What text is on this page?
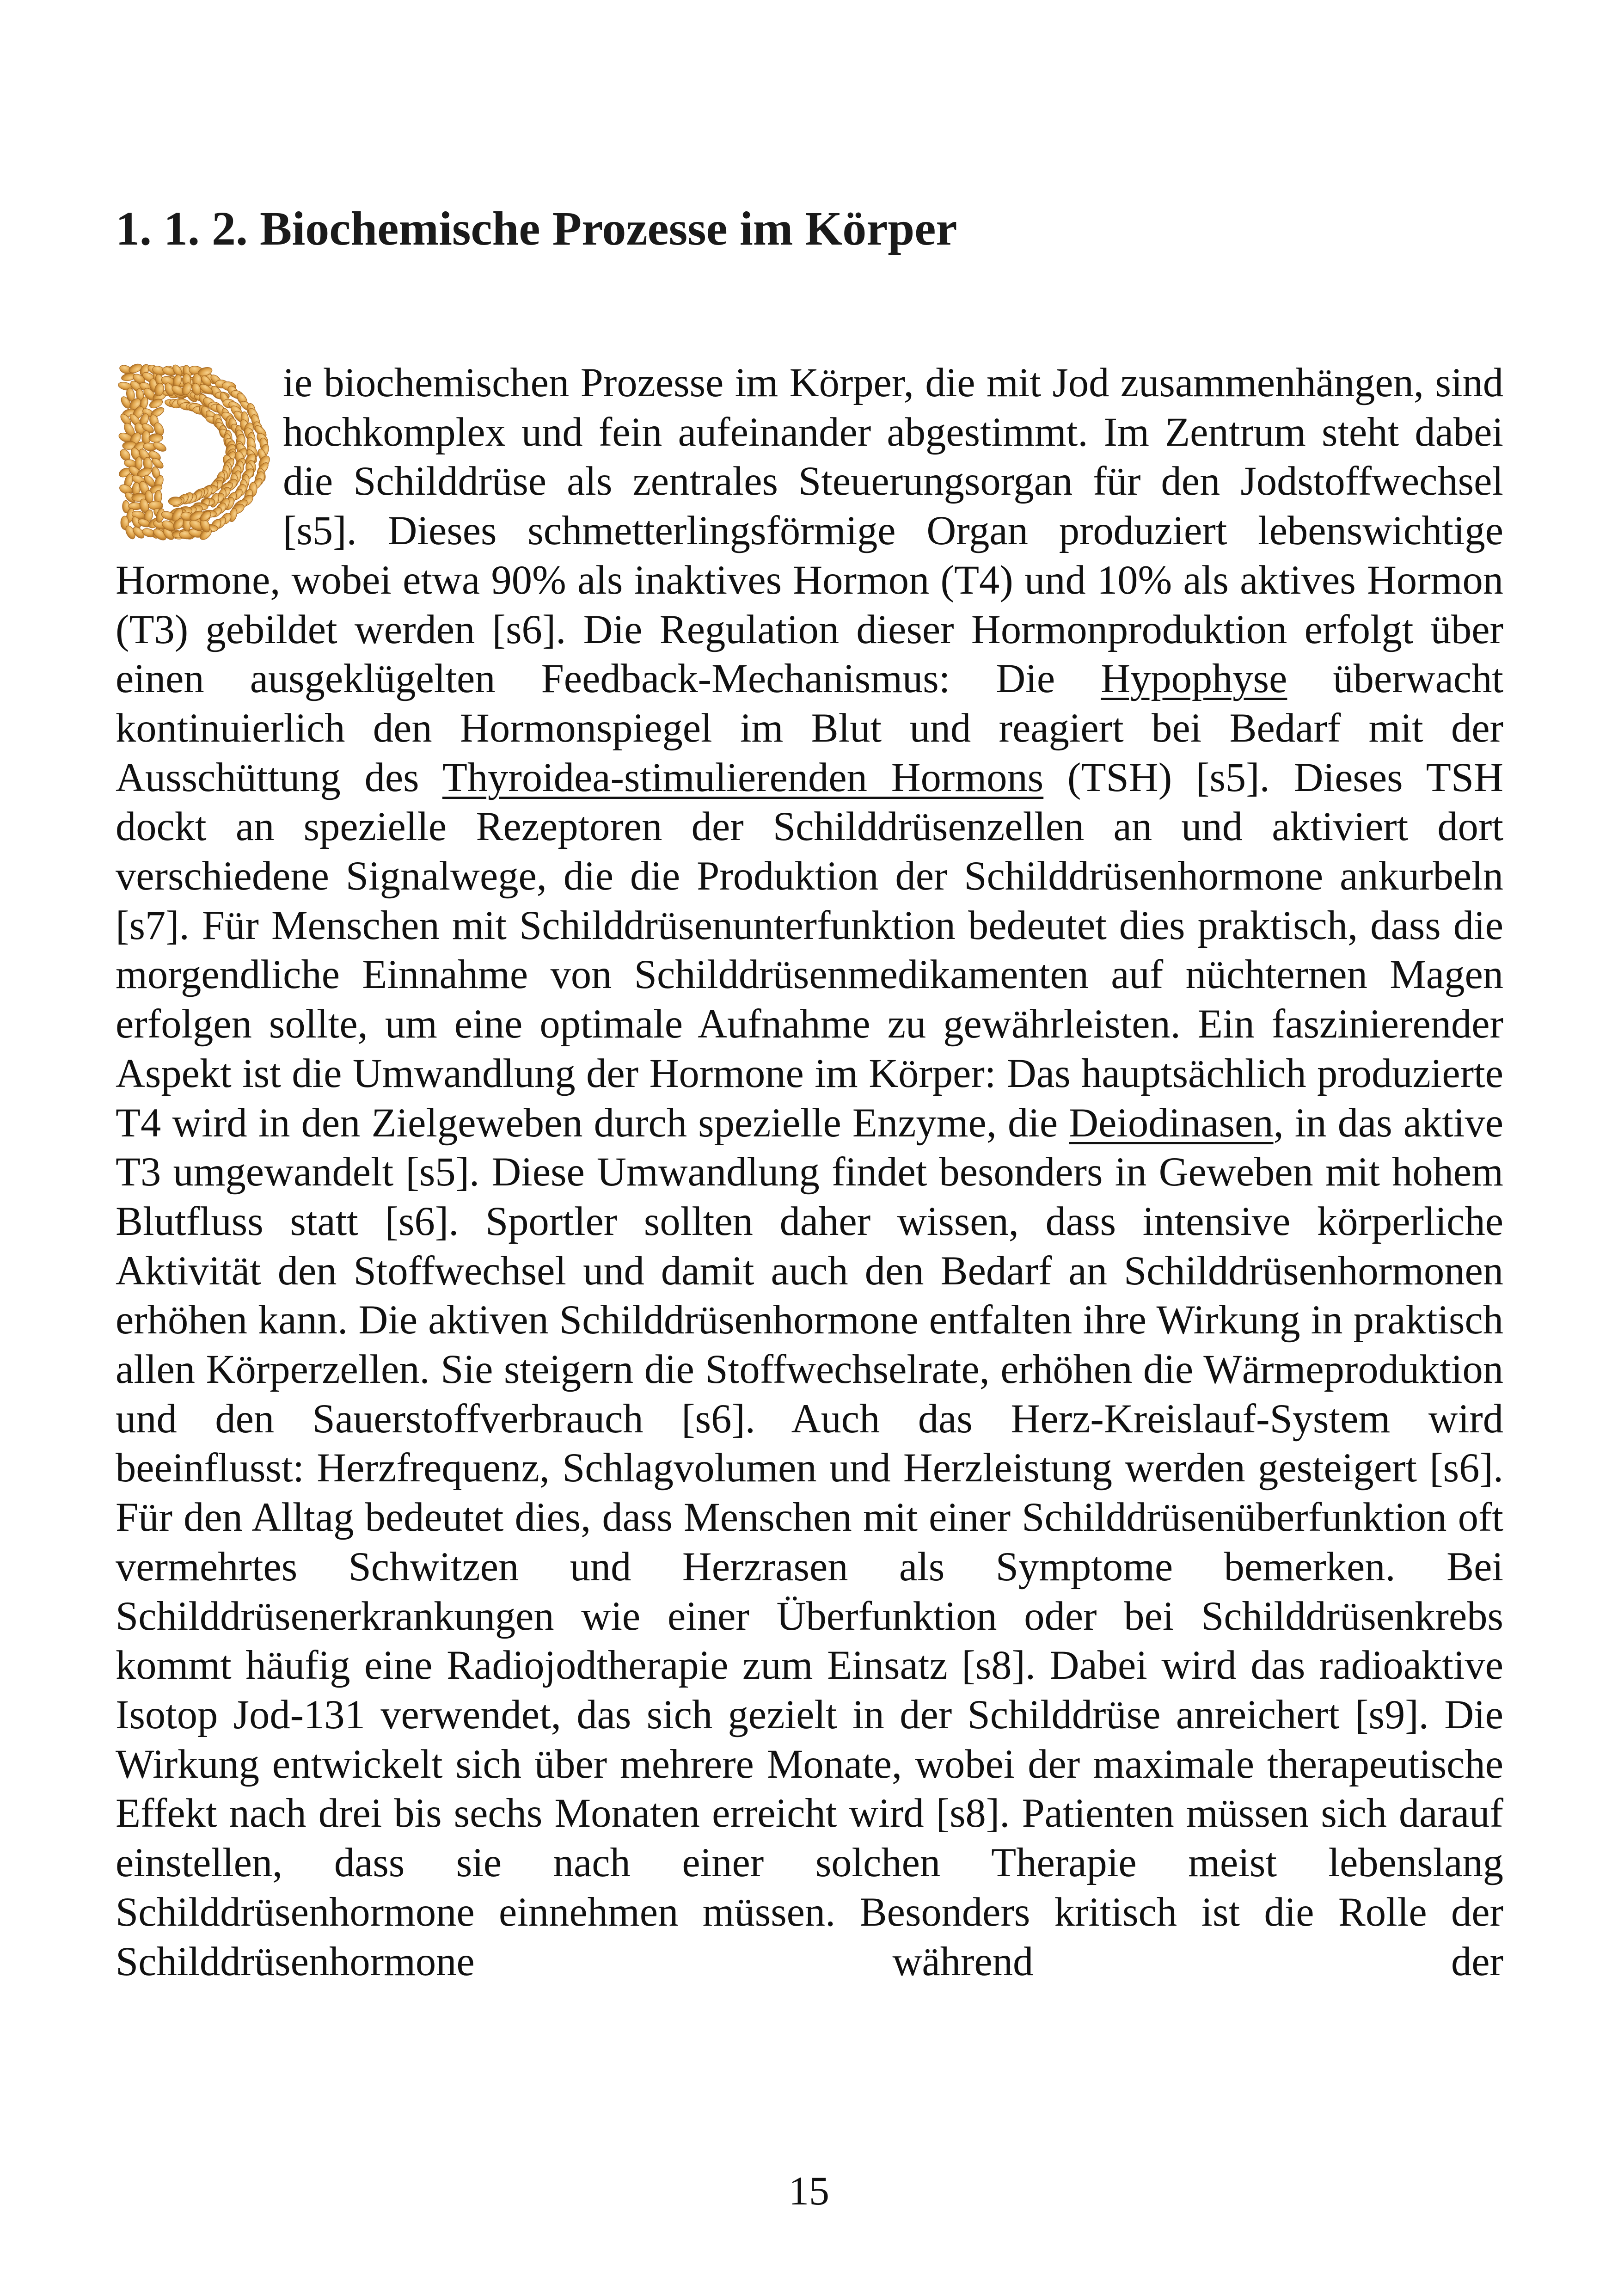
1. 1. 2. Biochemische Prozesse im Körper

ie biochemischen Prozesse im Körper, die mit Jod zusammenhängen, sind hochkomplex und fein aufeinander abgestimmt. Im Zentrum steht dabei die Schilddrüse als zentrales Steuerungsorgan für den Jodstoffwechsel [s5]. Dieses schmetterlingsförmige Organ produziert lebenswichtige Hormone, wobei etwa 90% als inaktives Hormon (T4) und 10% als aktives Hormon (T3) gebildet werden [s6]. Die Regulation dieser Hormonproduktion erfolgt über einen ausgeklügelten Feedback-Mechanismus: Die Hypophyse überwacht kontinuierlich den Hormonspiegel im Blut und reagiert bei Bedarf mit der Ausschüttung des Thyroidea-stimulierenden Hormons (TSH) [s5]. Dieses TSH dockt an spezielle Rezeptoren der Schilddrüsenzellen an und aktiviert dort verschiedene Signalwege, die die Produktion der Schilddrüsenhormone ankurbeln [s7]. Für Menschen mit Schilddrüsenunterfunktion bedeutet dies praktisch, dass die morgendliche Einnahme von Schilddrüsenmedikamenten auf nüchternen Magen erfolgen sollte, um eine optimale Aufnahme zu gewährleisten. Ein faszinierender Aspekt ist die Umwandlung der Hormone im Körper: Das hauptsächlich produzierte T4 wird in den Zielgeweben durch spezielle Enzyme, die Deiodinasen, in das aktive T3 umgewandelt [s5]. Diese Umwandlung findet besonders in Geweben mit hohem Blutfluss statt [s6]. Sportler sollten daher wissen, dass intensive körperliche Aktivität den Stoffwechsel und damit auch den Bedarf an Schilddrüsenhormonen erhöhen kann. Die aktiven Schilddrüsenhormone entfalten ihre Wirkung in praktisch allen Körperzellen. Sie steigern die Stoffwechselrate, erhöhen die Wärmeproduktion und den Sauerstoffverbrauch [s6]. Auch das Herz-Kreislauf-System wird beeinflusst: Herzfrequenz, Schlagvolumen und Herzleistung werden gesteigert [s6]. Für den Alltag bedeutet dies, dass Menschen mit einer Schilddrüsenüberfunktion oft vermehrtes Schwitzen und Herzrasen als Symptome bemerken. Bei Schilddrüsenerkrankungen wie einer Überfunktion oder bei Schilddrüsenkrebs kommt häufig eine Radiojodtherapie zum Einsatz [s8]. Dabei wird das radioaktive Isotop Jod-131 verwendet, das sich gezielt in der Schilddrüse anreichert [s9]. Die Wirkung entwickelt sich über mehrere Monate, wobei der maximale therapeutische Effekt nach drei bis sechs Monaten erreicht wird [s8]. Patienten müssen sich darauf einstellen, dass sie nach einer solchen Therapie meist lebenslang Schilddrüsenhormone einnehmen müssen. Besonders kritisch ist die Rolle der Schilddrüsenhormone während der

15
